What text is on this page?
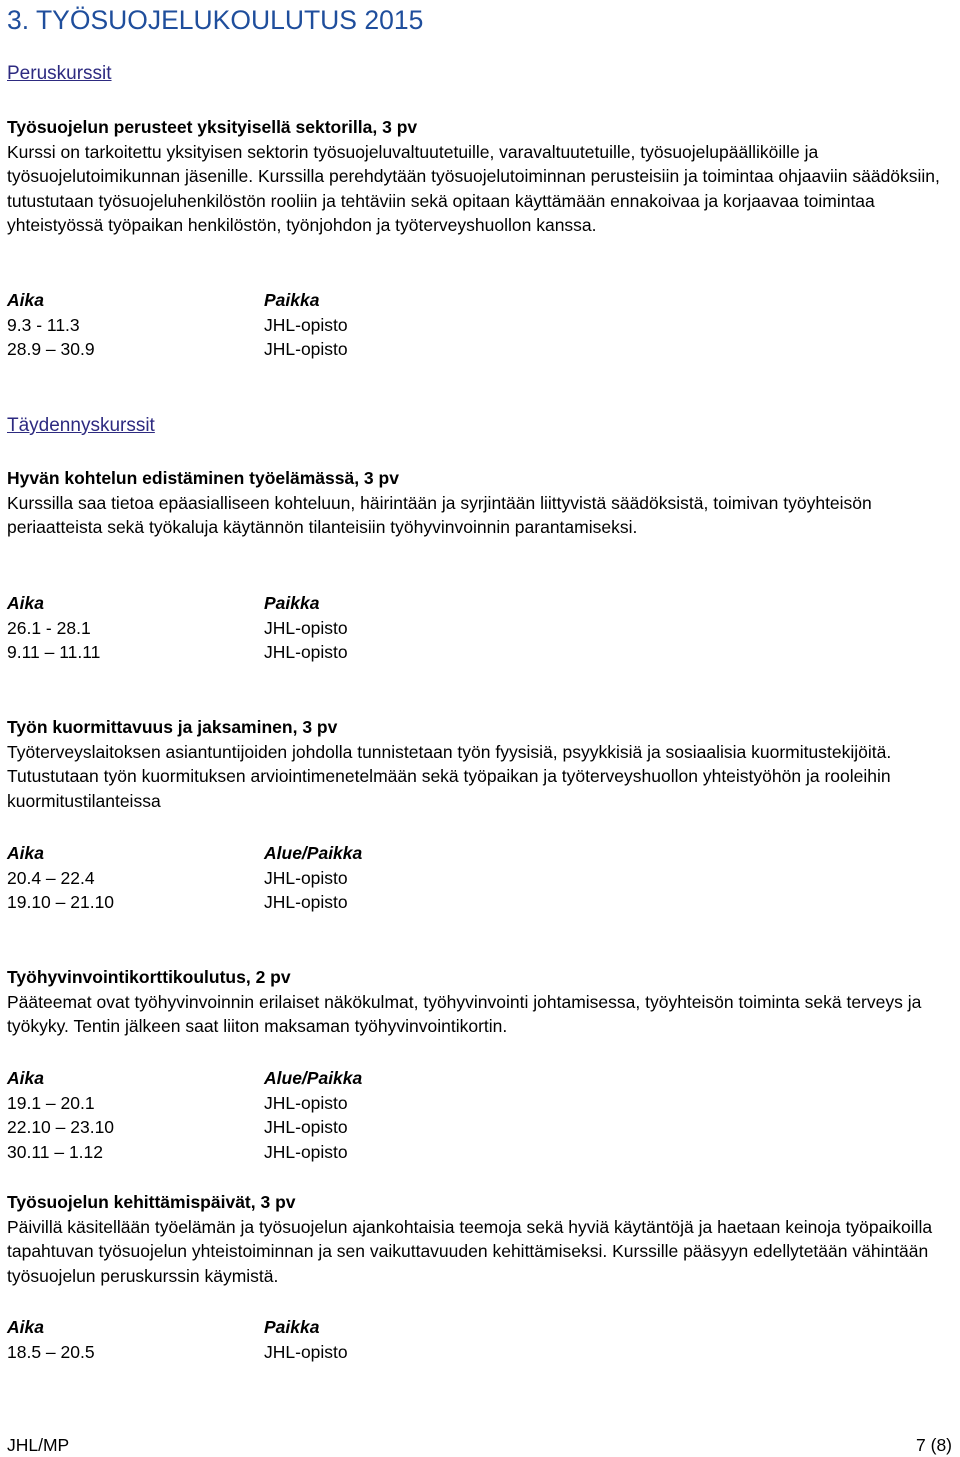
3. TYÖSUOJELUKOULUTUS 2015
Peruskurssit

Työsuojelun perusteet yksityisellä sektorilla, 3 pv

Kurssi on tarkoitettu yksityisen sektorin työsuojeluvaltuutetuille, varavaltuutetuille, työsuojelupäälliköille ja työsuojelutoimikunnan jäsenille. Kurssilla perehdytään työsuojelutoiminnan perusteisiin ja toimintaa ohjaaviin säädöksiin, tutustutaan työsuojeluhenkilöstön rooliin ja tehtäviin sekä opitaan käyttämään ennakoivaa ja korjaavaa toimintaa yhteistyössä työpaikan henkilöstön, työnjohdon ja työterveyshuollon kanssa.

Aika	Paikka
9.3 - 11.3	JHL-opisto
28.9 – 30.9	JHL-opisto
Täydennyskurssit

Hyvän kohtelun edistäminen työelämässä, 3 pv

Kurssilla saa tietoa epäasialliseen kohteluun, häirintään ja syrjintään liittyvistä säädöksistä, toimivan työyhteisön periaatteista sekä työkaluja käytännön tilanteisiin työhyvinvoinnin parantamiseksi.

Aika	Paikka
26.1 - 28.1	JHL-opisto
9.11 – 11.11	JHL-opisto

Työn kuormittavuus ja jaksaminen, 3 pv

Työterveyslaitoksen asiantuntijoiden johdolla tunnistetaan työn fyysisiä, psyykkisiä ja sosiaalisia kuormitustekijöitä. Tutustutaan työn kuormituksen arviointimenetelmään sekä työpaikan ja työterveyshuollon yhteistyöhön ja rooleihin kuormitustilanteissa

Aika	Alue/Paikka
20.4 – 22.4	JHL-opisto
19.10 – 21.10	JHL-opisto

Työhyvinvointikorttikoulutus, 2 pv

Pääteemat ovat työhyvinvoinnin erilaiset näkökulmat, työhyvinvointi johtamisessa, työyhteisön toiminta sekä terveys ja työkyky. Tentin jälkeen saat liiton maksaman työhyvinvointikortin.

Aika	Alue/Paikka
19.1 – 20.1	JHL-opisto
22.10 – 23.10	JHL-opisto
30.11 – 1.12	JHL-opisto

Työsuojelun kehittämispäivät, 3 pv

Päivillä käsitellään työelämän ja työsuojelun ajankohtaisia teemoja sekä hyviä käytäntöjä ja haetaan keinoja työpaikoilla tapahtuvan työsuojelun yhteistoiminnan ja sen vaikuttavuuden kehittämiseksi. Kurssille pääsyyn edellytetään vähintään työsuojelun peruskurssin käymistä.

Aika	Paikka
18.5 – 20.5	JHL-opisto
JHL/MP	7 (8)
